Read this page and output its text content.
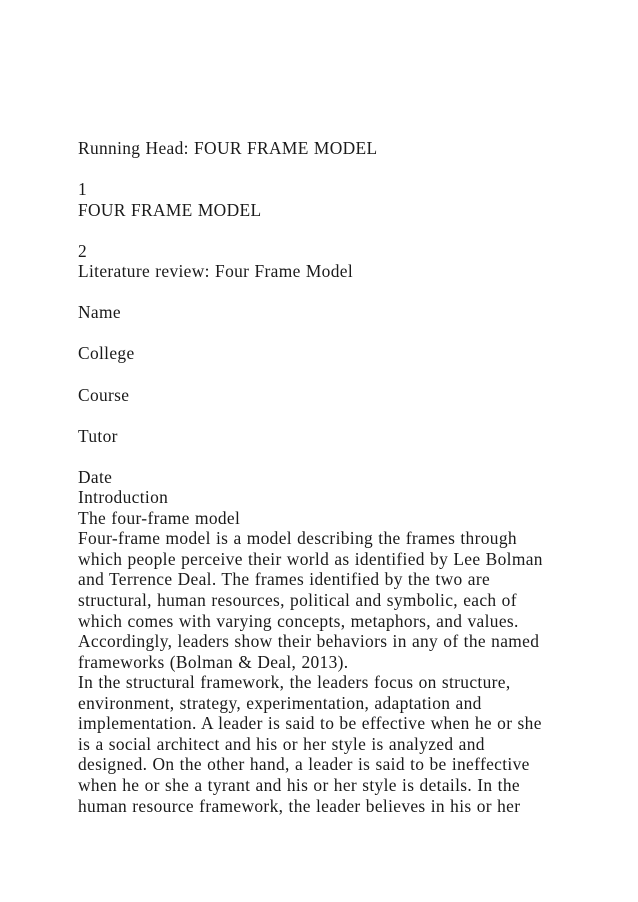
Running Head: FOUR FRAME MODEL
1
FOUR FRAME MODEL
2
Literature review: Four Frame Model
Name
College
Course
Tutor
Date
Introduction
The four-frame model
Four-frame model is a model describing the frames through
which people perceive their world as identified by Lee Bolman
and Terrence Deal. The frames identified by the two are
structural, human resources, political and symbolic, each of
which comes with varying concepts, metaphors, and values.
Accordingly, leaders show their behaviors in any of the named
frameworks (Bolman & Deal, 2013).
In the structural framework, the leaders focus on structure,
environment, strategy, experimentation, adaptation and
implementation. A leader is said to be effective when he or she
is a social architect and his or her style is analyzed and
designed. On the other hand, a leader is said to be ineffective
when he or she a tyrant and his or her style is details. In the
human resource framework, the leader believes in his or her
